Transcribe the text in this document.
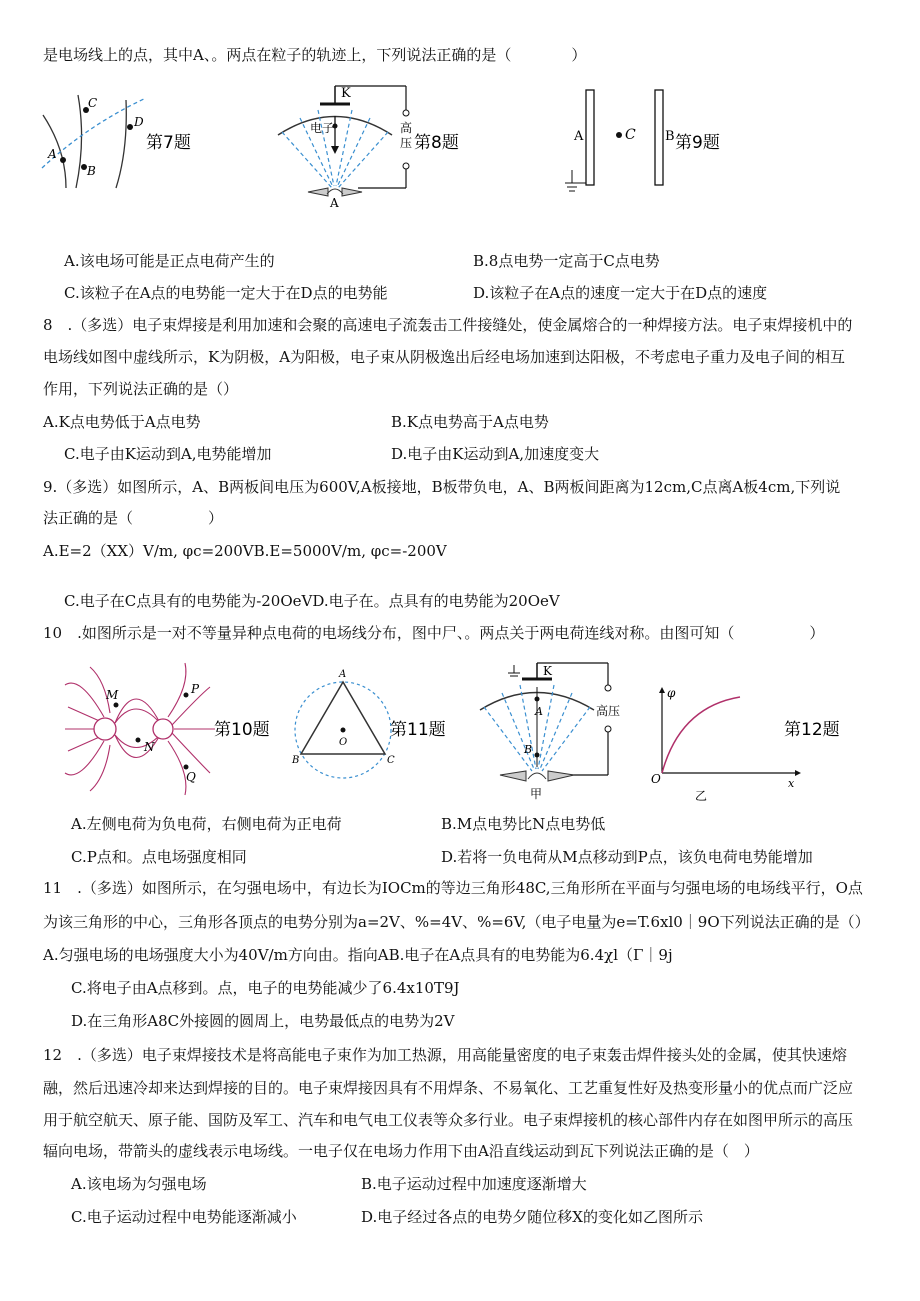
是电场线上的点，其中A、。两点在粒子的轨迹上，下列说法正确的是（　　　　）
C
D
A
B
第7题
K
电子	高
压
A
第8题	A	C B 第9题
A.该电场可能是正点电荷产生的	B.8点电势一定高于C点电势
C.该粒子在A点的电势能一定大于在D点的电势能	D.该粒子在A点的速度一定大于在D点的速度
8　.（多选）电子束焊接是利用加速和会聚的高速电子流轰击工件接缝处，使金属熔合的一种焊接方法。电子束焊接机中的
电场线如图中虚线所示，K为阴极，A为阳极，电子束从阴极逸出后经电场加速到达阳极，不考虑电子重力及电子间的相互
作用，下列说法正确的是（）
A.K点电势低于A点电势	B.K点电势高于A点电势
C.电子由K运动到A,电势能增加	D.电子由K运动到A,加速度变大
9.（多选）如图所示，A、B两板间电压为600V,A板接地，B板带负电，A、B两板间距离为12cm,C点离A板4cm,下列说
法正确的是（　　　　　）
A.E=2（XX）V/m, φc=200VB.E=5000V/m, φc=-200V
C.电子在C点具有的电势能为-20OeVD.电子在。点具有的电势能为20OeV
10　.如图所示是一对不等量异种点电荷的电场线分布，图中尸、。两点关于两电荷连线对称。由图可知（　　　　　）
M	P
N
Q
第10题
A
O
B	C
第11题
K
A
B
高压
甲
φ
O	x
乙
第12题
A.左侧电荷为负电荷，右侧电荷为正电荷	B.M点电势比N点电势低
C.P点和。点电场强度相同	D.若将一负电荷从M点移动到P点，该负电荷电势能增加
11　.（多选）如图所示，在匀强电场中，有边长为IOCm的等边三角形48C,三角形所在平面与匀强电场的电场线平行，O点
为该三角形的中心，三角形各顶点的电势分别为a=2V、%=4V、%=6V,（电子电量为e=T.6xl0｜9O下列说法正确的是（）
A.匀强电场的电场强度大小为40V/m方向由。指向AB.电子在A点具有的电势能为6.4χl（Γ｜9j
C.将电子由A点移到。点，电子的电势能减少了6.4x10T9J
D.在三角形A8C外接圆的圆周上，电势最低点的电势为2V
12　.（多选）电子束焊接技术是将高能电子束作为加工热源，用高能量密度的电子束轰击焊件接头处的金属，使其快速熔
融，然后迅速冷却来达到焊接的目的。电子束焊接因具有不用焊条、不易氧化、工艺重复性好及热变形量小的优点而广泛应
用于航空航天、原子能、国防及军工、汽车和电气电工仪表等众多行业。电子束焊接机的核心部件内存在如图甲所示的高压
辐向电场，带箭头的虚线表示电场线。一电子仅在电场力作用下由A沿直线运动到瓦下列说法正确的是（　）
A.该电场为匀强电场	B.电子运动过程中加速度逐渐增大
C.电子运动过程中电势能逐渐减小	D.电子经过各点的电势夕随位移X的变化如乙图所示
